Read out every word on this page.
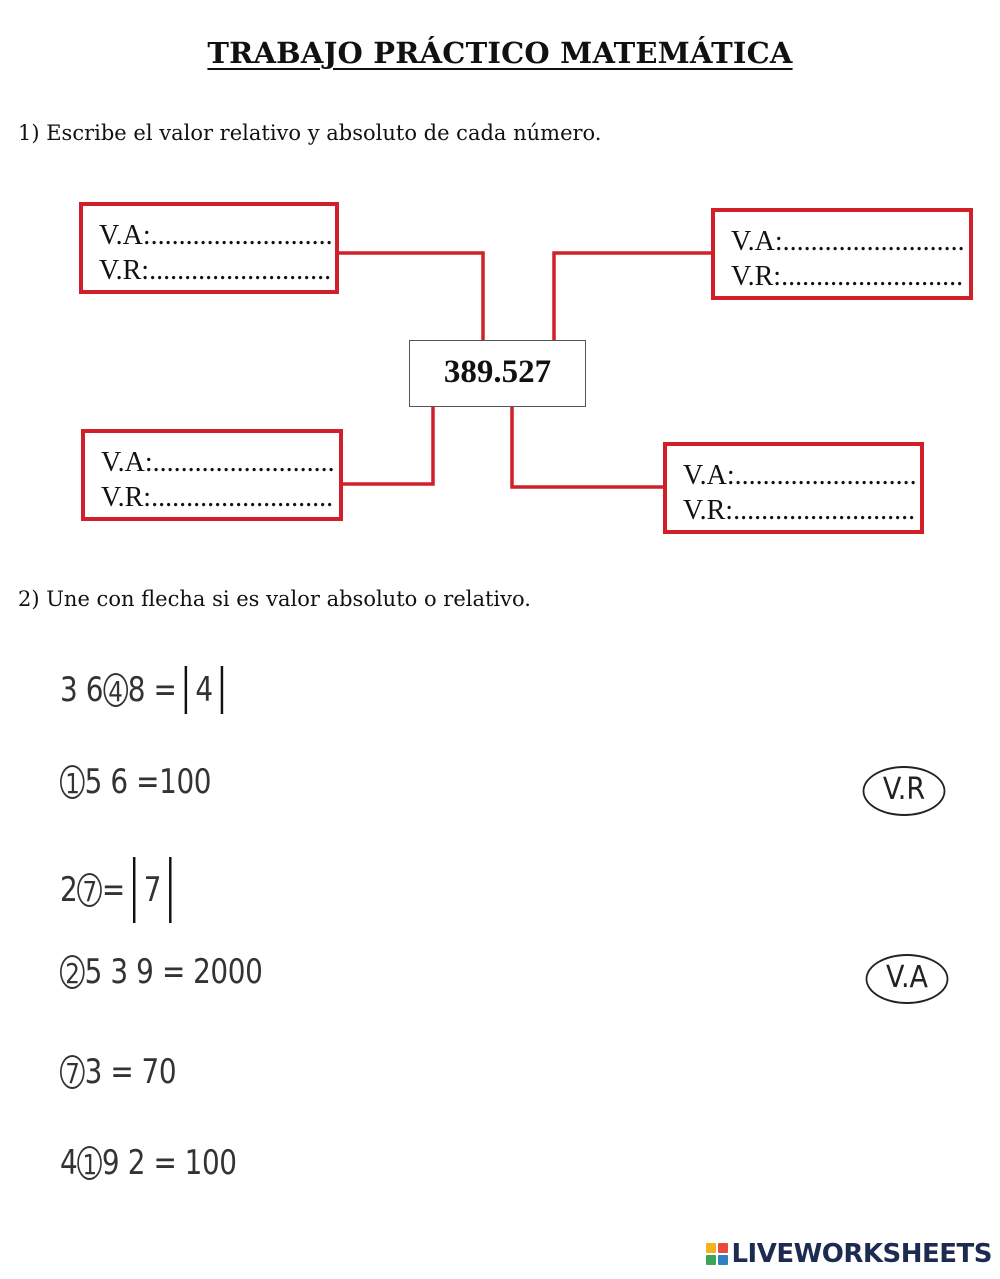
TRABAJO PRÁCTICO MATEMÁTICA
1) Escribe el valor relativo y absoluto de cada número.
V.A:..........................
V.R:..........................
V.A:..........................
V.R:..........................
V.A:..........................
V.R:..........................
V.A:..........................
V.R:..........................
389.527
2) Une con flecha si es valor absoluto o relativo.
3 6 4 8 = 4
1 5 6 =100
2 7= 7
2 5 3 9 = 2000
7 3 = 70
4 1 9 2 = 100
V.R
V.A
LIVEWORKSHEETS
